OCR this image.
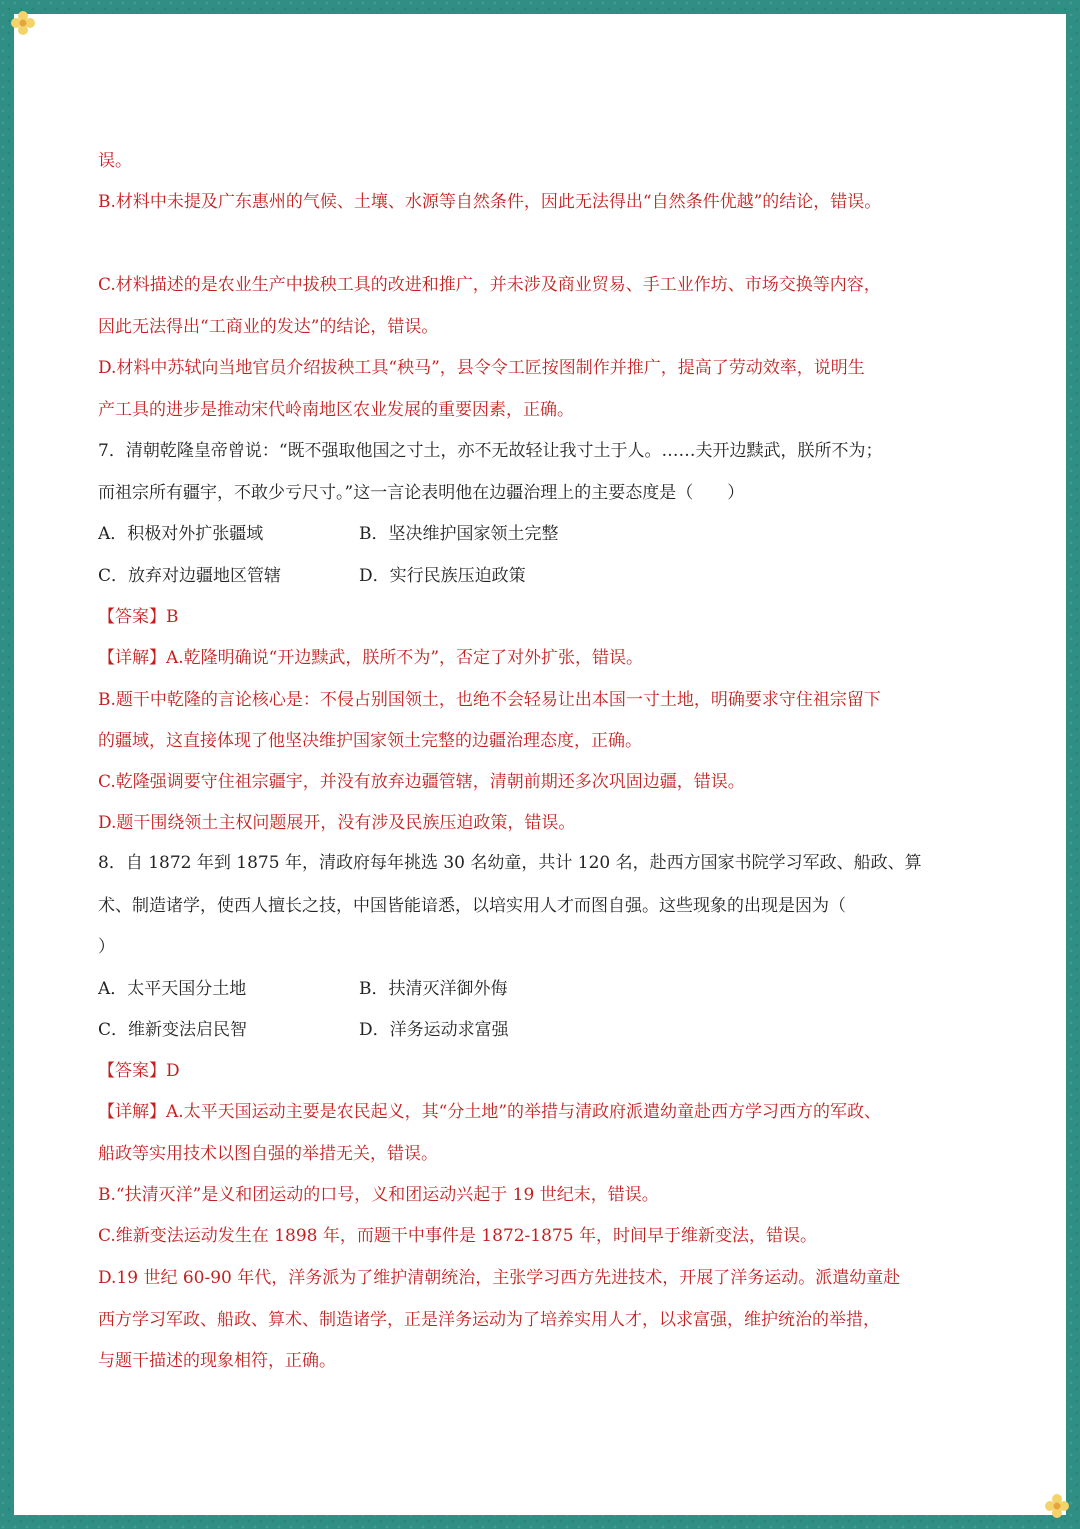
误。
B.材料中未提及广东惠州的气候、土壤、水源等自然条件，因此无法得出“自然条件优越”的结论，错误。
C.材料描述的是农业生产中拔秧工具的改进和推广，并未涉及商业贸易、手工业作坊、市场交换等内容，
因此无法得出“工商业的发达”的结论，错误。
D.材料中苏轼向当地官员介绍拔秧工具“秧马”，县令令工匠按图制作并推广，提高了劳动效率，说明生
产工具的进步是推动宋代岭南地区农业发展的重要因素，正确。
7．清朝乾隆皇帝曾说：“既不强取他国之寸土，亦不无故轻让我寸土于人。……夫开边黩武，朕所不为；
而祖宗所有疆宇，不敢少亏尺寸。”这一言论表明他在边疆治理上的主要态度是（　　）
A．积极对外扩张疆域	B．坚决维护国家领土完整
C．放弃对边疆地区管辖	D．实行民族压迫政策
【答案】B
【详解】A.乾隆明确说“开边黩武，朕所不为”，否定了对外扩张，错误。
B.题干中乾隆的言论核心是：不侵占别国领土，也绝不会轻易让出本国一寸土地，明确要求守住祖宗留下
的疆域，这直接体现了他坚决维护国家领土完整的边疆治理态度，正确。
C.乾隆强调要守住祖宗疆宇，并没有放弃边疆管辖，清朝前期还多次巩固边疆，错误。
D.题干围绕领土主权问题展开，没有涉及民族压迫政策，错误。
8．自 1872 年到 1875 年，清政府每年挑选 30 名幼童，共计 120 名，赴西方国家书院学习军政、船政、算
术、制造诸学，使西人擅长之技，中国皆能谙悉，以培实用人才而图自强。这些现象的出现是因为（
）
A．太平天国分土地	B．扶清灭洋御外侮
C．维新变法启民智	D．洋务运动求富强
【答案】D
【详解】A.太平天国运动主要是农民起义，其“分土地”的举措与清政府派遣幼童赴西方学习西方的军政、
船政等实用技术以图自强的举措无关，错误。
B.“扶清灭洋”是义和团运动的口号，义和团运动兴起于 19 世纪末，错误。
C.维新变法运动发生在 1898 年，而题干中事件是 1872-1875 年，时间早于维新变法，错误。
D.19 世纪 60-90 年代，洋务派为了维护清朝统治，主张学习西方先进技术，开展了洋务运动。派遣幼童赴
西方学习军政、船政、算术、制造诸学，正是洋务运动为了培养实用人才，以求富强，维护统治的举措，
与题干描述的现象相符，正确。
